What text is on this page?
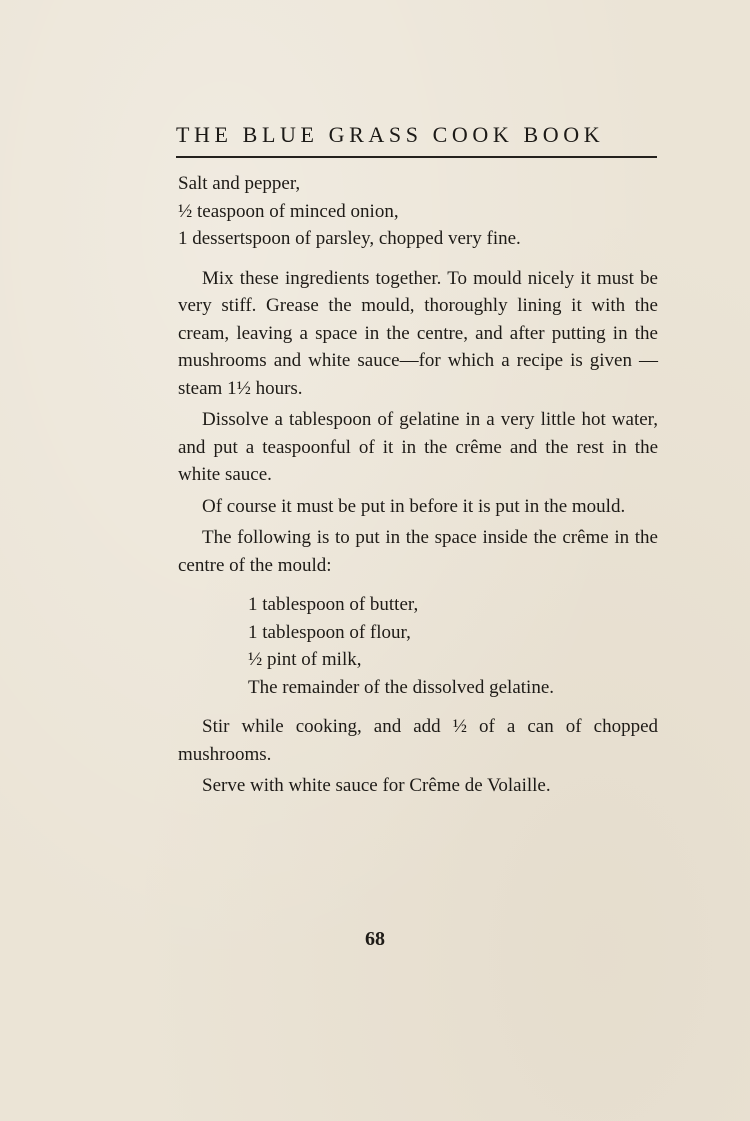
THE BLUE GRASS COOK BOOK

Salt and pepper,

½ teaspoon of minced onion,

1 dessertspoon of parsley, chopped very fine.

Mix these ingredients together. To mould nicely it must be very stiff. Grease the mould, thoroughly lining it with the cream, leaving a space in the centre, and after putting in the mushrooms and white sauce—for which a recipe is given —steam 1½ hours.

Dissolve a tablespoon of gelatine in a very little hot water, and put a teaspoonful of it in the crême and the rest in the white sauce.

Of course it must be put in before it is put in the mould.

The following is to put in the space inside the crême in the centre of the mould:

1 tablespoon of butter,

1 tablespoon of flour,

½ pint of milk,

The remainder of the dissolved gelatine.

Stir while cooking, and add ½ of a can of chopped mushrooms.

Serve with white sauce for Crême de Volaille.

68
